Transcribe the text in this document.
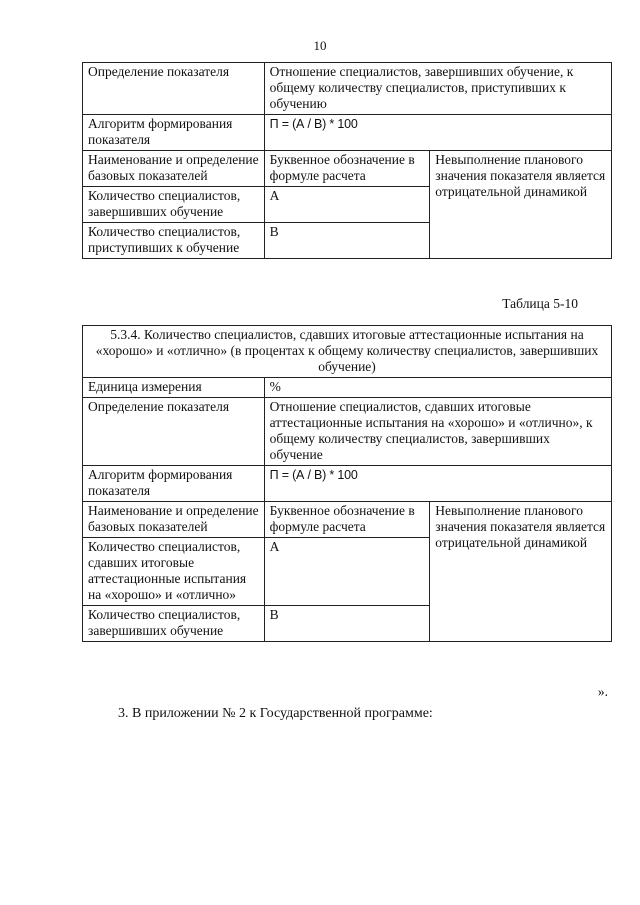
10
Определение показателя	Отношение специалистов, завершивших обучение, к общему количеству специалистов, приступивших к обучению	
Алгоритм формирования показателя	П = (А / В) * 100	
Наименование и определение базовых показателей	Буквенное обозначение в формуле расчета	Невыполнение планового значения показателя является отрицательной динамикой
Количество специалистов, завершивших обучение	А	
Количество специалистов, приступивших к обучение	В	
Таблица 5-10
5.3.4. Количество специалистов, сдавших итоговые аттестационные испытания на «хорошо» и «отлично» (в процентах к общему количеству специалистов, завершивших обучение)		
Единица измерения	%	
Определение показателя	Отношение специалистов, сдавших итоговые аттестационные испытания на «хорошо» и «отлично», к общему количеству специалистов, завершивших обучение	
Алгоритм формирования показателя	П = (А / В) * 100	
Наименование и определение базовых показателей	Буквенное обозначение в формуле расчета	Невыполнение планового значения показателя является отрицательной динамикой
Количество специалистов, сдавших итоговые аттестационные испытания на «хорошо» и «отлично»	А	
Количество специалистов, завершивших обучение	В	
».
3. В приложении № 2 к Государственной программе:
